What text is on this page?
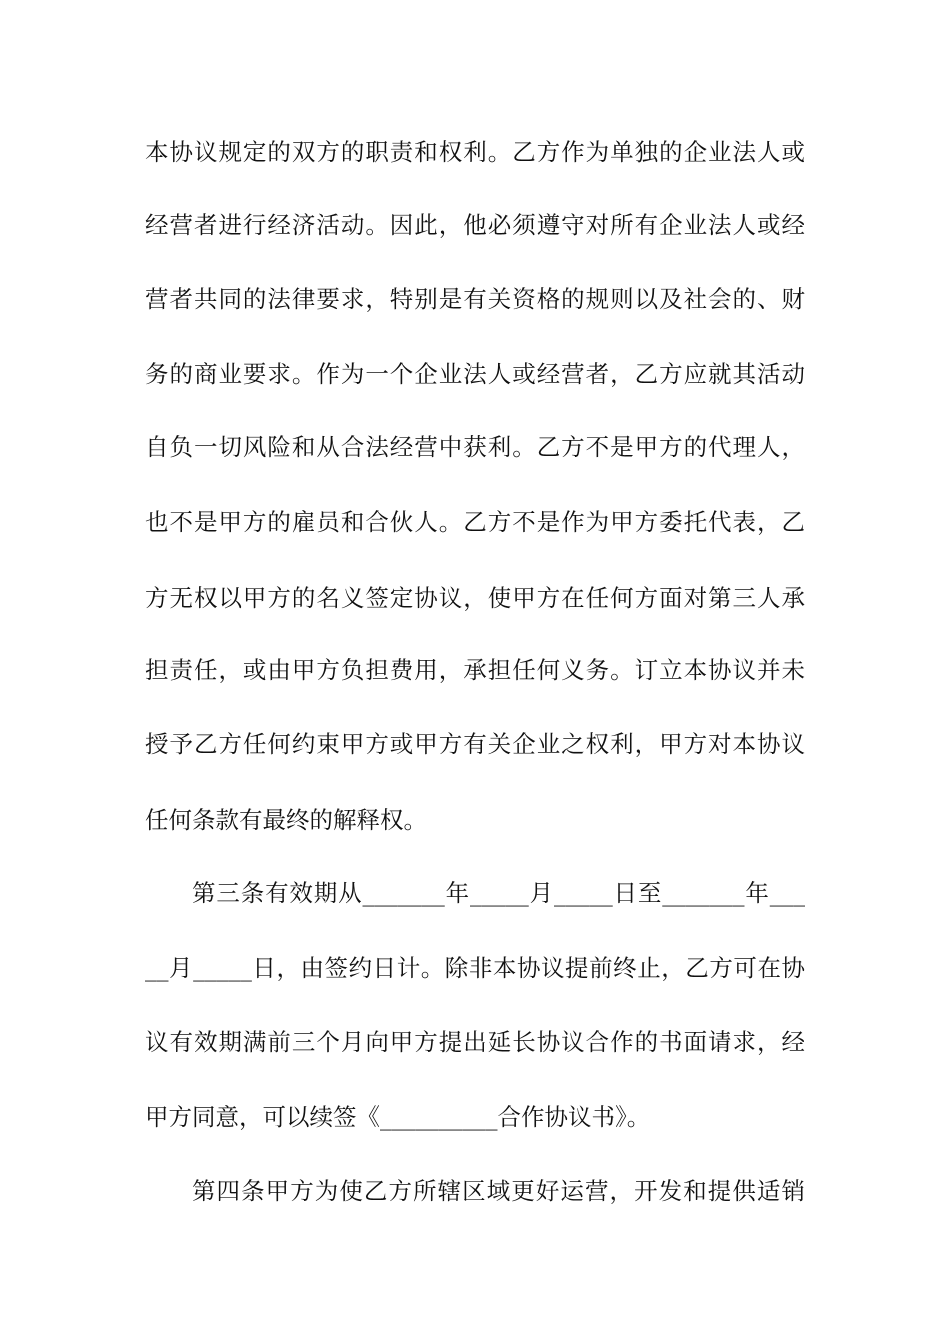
本协议规定的双方的职责和权利。乙方作为单独的企业法人或
经营者进行经济活动。因此，他必须遵守对所有企业法人或经
营者共同的法律要求，特别是有关资格的规则以及社会的、财
务的商业要求。作为一个企业法人或经营者，乙方应就其活动
自负一切风险和从合法经营中获利。乙方不是甲方的代理人，
也不是甲方的雇员和合伙人。乙方不是作为甲方委托代表，乙
方无权以甲方的名义签定协议，使甲方在任何方面对第三人承
担责任，或由甲方负担费用，承担任何义务。订立本协议并未
授予乙方任何约束甲方或甲方有关企业之权利，甲方对本协议
任何条款有最终的解释权。
第三条有效期从_______年_____月_____日至_______年___
__月_____日，由签约日计。除非本协议提前终止，乙方可在协
议有效期满前三个月向甲方提出延长协议合作的书面请求，经
甲方同意，可以续签《__________合作协议书》。
第四条甲方为使乙方所辖区域更好运营，开发和提供适销
